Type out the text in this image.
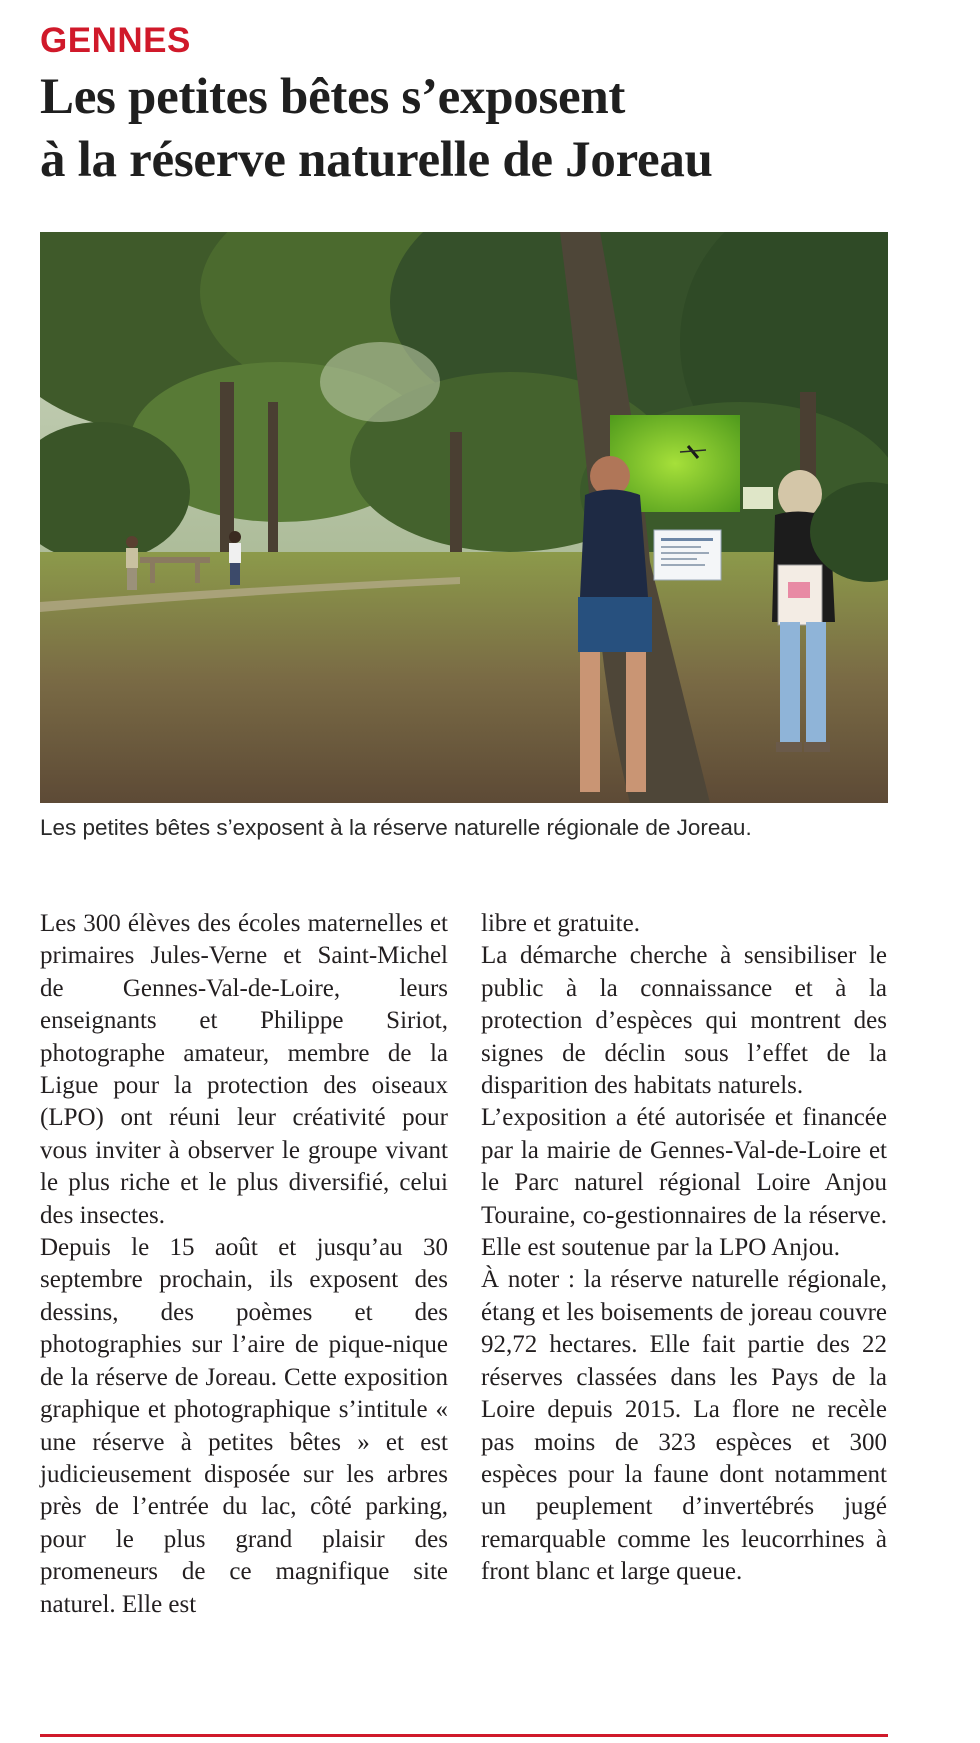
GENNES
Les petites bêtes s’exposent
à la réserve naturelle de Joreau

Les petites bêtes s’exposent à la réserve naturelle régionale de Joreau.

Les 300 élèves des écoles maternelles et primaires Jules-Verne et Saint-Michel de Gennes-Val-de-Loire, leurs enseignants et Philippe Siriot, photographe amateur, membre de la Ligue pour la protection des oiseaux (LPO) ont réuni leur créativité pour vous inviter à observer le groupe vivant le plus riche et le plus diversifié, celui des insectes.

Depuis le 15 août et jusqu’au 30 septembre prochain, ils exposent des dessins, des poèmes et des photographies sur l’aire de pique-nique de la réserve de Joreau. Cette exposition graphique et photographique s’intitule « une réserve à petites bêtes » et est judicieusement disposée sur les arbres près de l’entrée du lac, côté parking, pour le plus grand plaisir des promeneurs de ce magnifique site naturel. Elle est

libre et gratuite.

La démarche cherche à sensibiliser le public à la connaissance et à la protection d’espèces qui montrent des signes de déclin sous l’effet de la disparition des habitats naturels.

L’exposition a été autorisée et financée par la mairie de Gennes-Val-de-Loire et le Parc naturel régional Loire Anjou Touraine, co-gestionnaires de la réserve. Elle est soutenue par la LPO Anjou.

À noter : la réserve naturelle régionale, étang et les boisements de joreau couvre 92,72 hectares. Elle fait partie des 22 réserves classées dans les Pays de la Loire depuis 2015. La flore ne recèle pas moins de 323 espèces et 300 espèces pour la faune dont notamment un peuplement d’invertébrés jugé remarquable comme les leucorrhines à front blanc et large queue.
